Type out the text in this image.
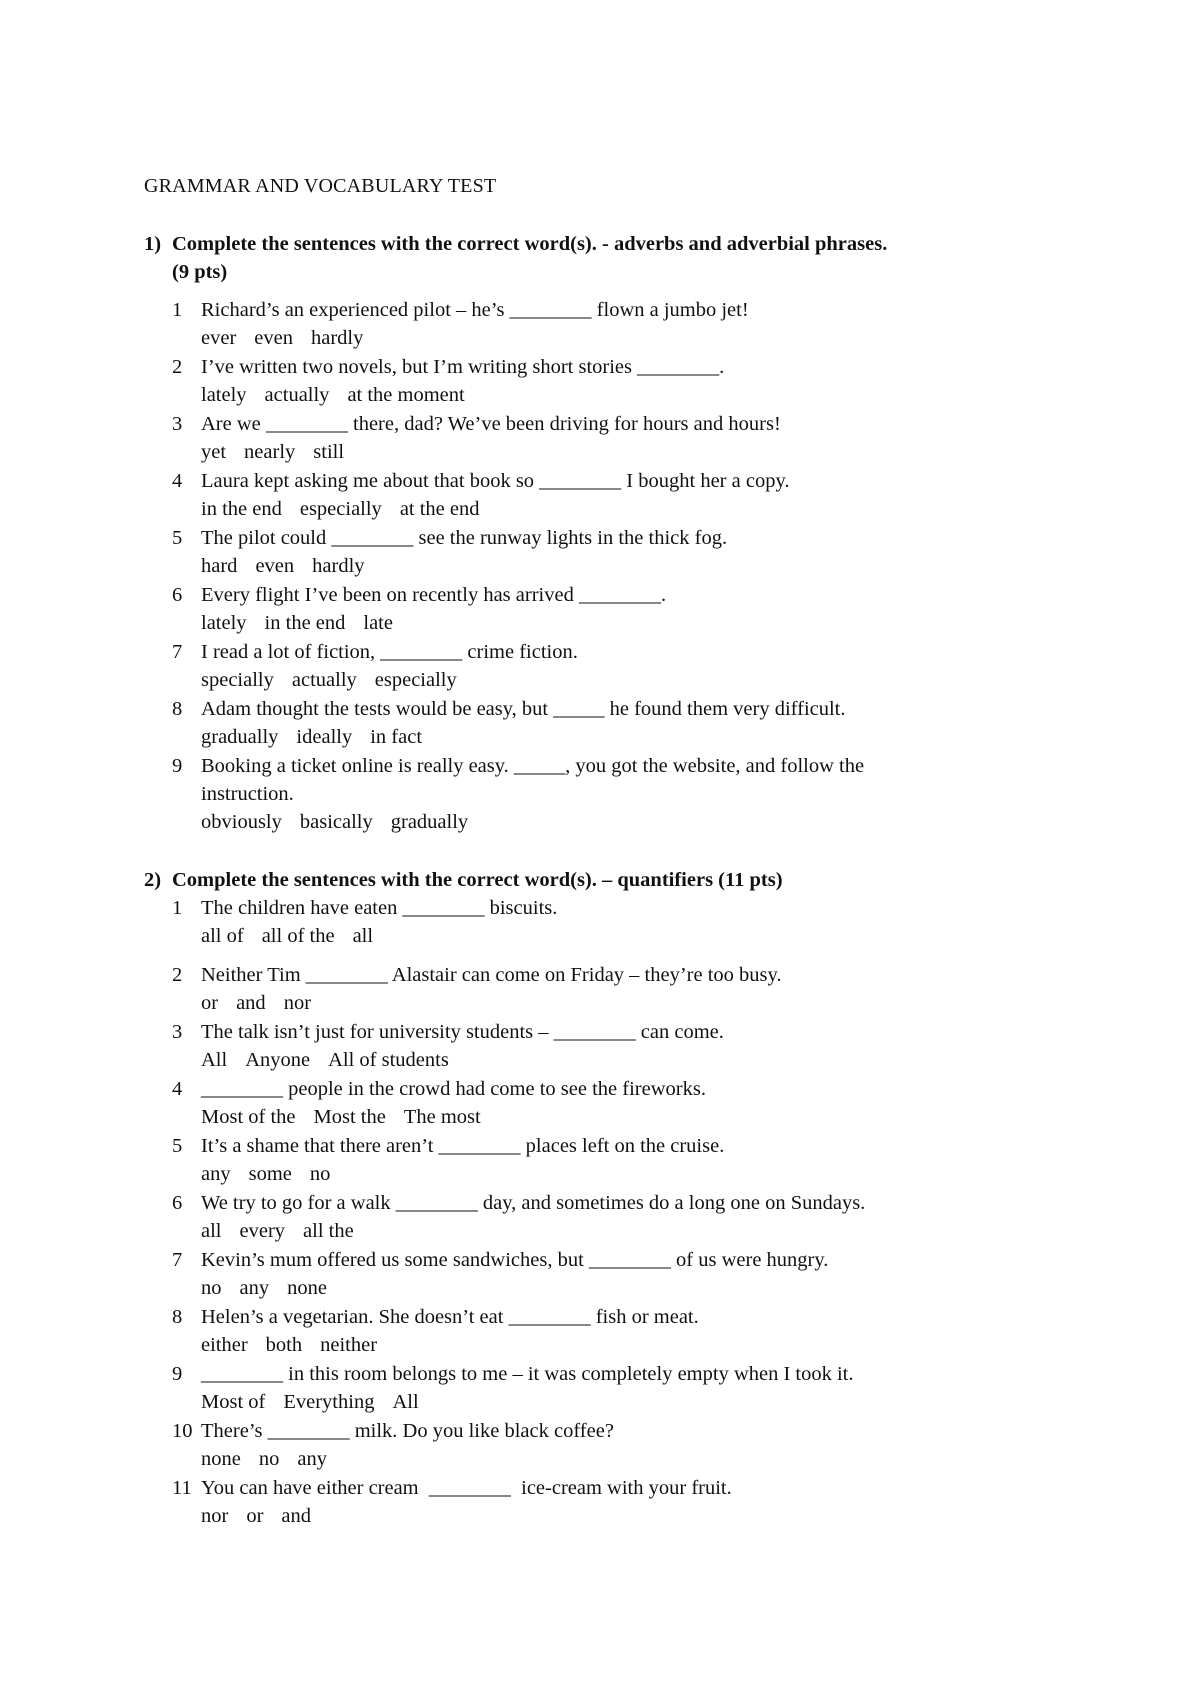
GRAMMAR AND VOCABULARY TEST
1) Complete the sentences with the correct word(s). - adverbs and adverbial phrases.
(9 pts)
1 Richard’s an experienced pilot – he’s ________ flown a jumbo jet!
ever even hardly
2 I’ve written two novels, but I’m writing short stories ________.
lately actually at the moment
3 Are we ________ there, dad? We’ve been driving for hours and hours!
yet nearly still
4 Laura kept asking me about that book so ________ I bought her a copy.
in the end especially at the end
5 The pilot could ________ see the runway lights in the thick fog.
hard even hardly
6 Every flight I’ve been on recently has arrived ________.
lately in the end late
7 I read a lot of fiction, ________ crime fiction.
specially actually especially
8 Adam thought the tests would be easy, but _____ he found them very difficult.
gradually ideally in fact
9 Booking a ticket online is really easy. _____, you got the website, and follow the
instruction.
obviously basically gradually
2) Complete the sentences with the correct word(s). – quantifiers (11 pts)
1 The children have eaten ________ biscuits.
all of all of the all
2 Neither Tim ________ Alastair can come on Friday – they’re too busy.
or and nor
3 The talk isn’t just for university students – ________ can come.
All Anyone All of students
4 ________ people in the crowd had come to see the fireworks.
Most of the Most the The most
5 It’s a shame that there aren’t ________ places left on the cruise.
any some no
6 We try to go for a walk ________ day, and sometimes do a long one on Sundays.
all every all the
7 Kevin’s mum offered us some sandwiches, but ________ of us were hungry.
no any none
8 Helen’s a vegetarian. She doesn’t eat ________ fish or meat.
either both neither
9 ________ in this room belongs to me – it was completely empty when I took it.
Most of Everything All
10 There’s ________ milk. Do you like black coffee?
none no any
11 You can have either cream  ________  ice-cream with your fruit.
nor or and
